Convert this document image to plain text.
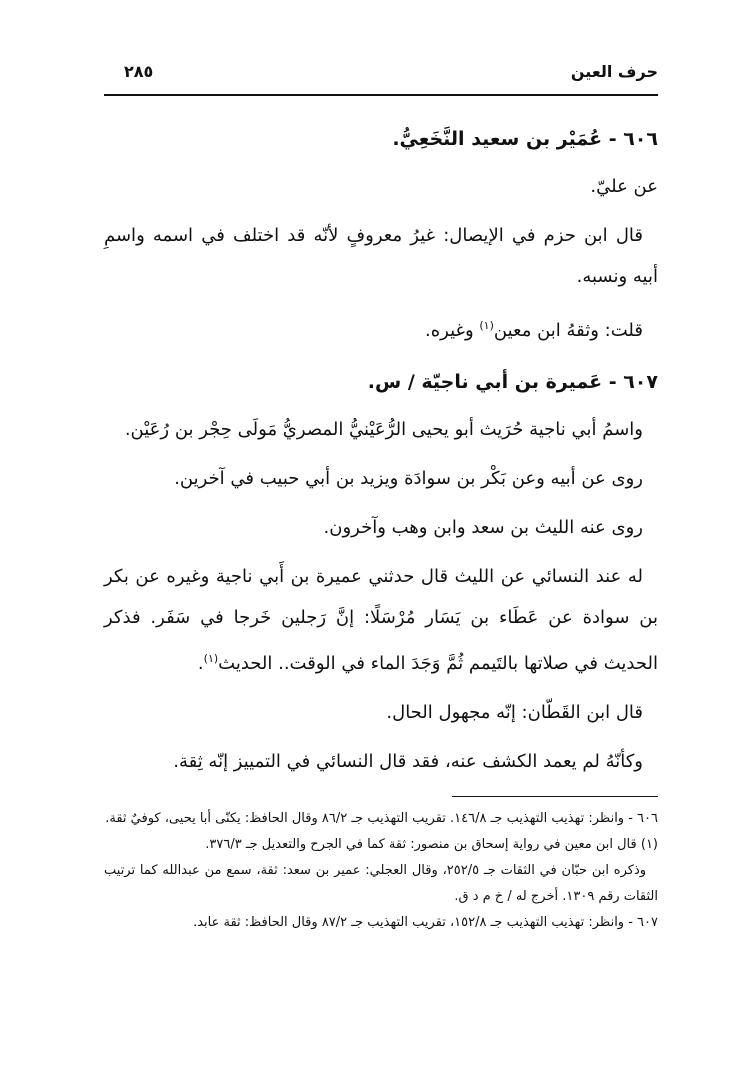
حرف العين
٢٨٥
٦٠٦ - عُمَيْر بن سعيد النَّخَعِيُّ.

عن عليّ.

قال ابن حزم في الإيصال: غيرُ معروفٍ لأنّه قد اختلف في اسمه واسمِ أبيه ونسبه.

قلت: وثقهُ ابن معين$^{(١)}$ وغيره.

٦٠٧ - عَميرة بن أبي ناجيّة / س.

واسمُ أبي ناجية حُرَيث أبو يحيى الرُّعَيْنيُّ المصريُّ مَولَى حِجْر بن رُعَيْن.

روى عن أبيه وعن بَكْر بن سوادَة ويزيد بن أبي حبيب في آخرين.

روى عنه الليث بن سعد وابن وهب وآخرون.

له عند النسائي عن الليث قال حدثني عميرة بن أَبي ناجية وغيره عن بكر بن سوادة عن عَطَاء بن يَسَار مُرْسَلًا: إنَّ رَجلين خَرجا في سَفَر. فذكر الحديث في صلاتها بالتَيمم ثُمَّ وَجَدَ الماء في الوقت.. الحديث$^{(١)}$.

قال ابن القَطّان: إنّه مجهول الحال.

وكأنّهُ لم يعمد الكشف عنه، فقد قال النسائي في التمييز إنّه ثِقة.

٦٠٦ - وانظر: تهذيب التهذيب جـ ١٤٦/٨. تقريب التهذيب جـ ٨٦/٢ وقال الحافظ: يكنّى أبا يحيى، كوفيٌ ثقة.

(١) قال ابن معين في رواية إسحاق بن منصور: ثقة كما في الجرح والتعديل جـ ٣٧٦/٣.

وذكره ابن حبّان في الثقات جـ ٢٥٢/٥، وقال العجلي: عمير بن سعد: ثقة، سمع من عبدالله كما ترتيب الثقات رقم ١٣٠٩. أخرج له / خ م د ق.

٦٠٧ - وانظر: تهذيب التهذيب جـ ١٥٢/٨، تقريب التهذيب جـ ٨٧/٢ وقال الحافظ: ثقة عابد.
